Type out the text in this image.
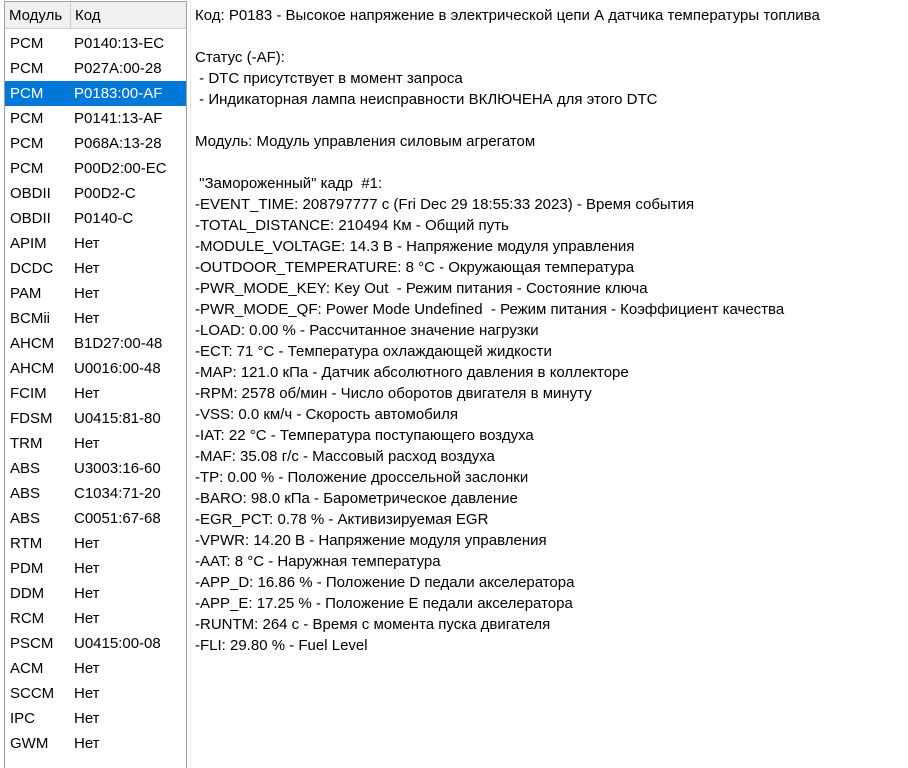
Модуль Код
PCM	P0140:13-EC
PCM	P027A:00-28
PCM	P0183:00-AF
PCM	P0141:13-AF
PCM	P068A:13-28
PCM	P00D2:00-EC
OBDII	P00D2-C
OBDII	P0140-C
APIM	Нет
DCDC	Нет
PAM	Нет
BCMii	Нет
AHCM	B1D27:00-48
AHCM	U0016:00-48
FCIM	Нет
FDSM	U0415:81-80
TRM	Нет
ABS	U3003:16-60
ABS	C1034:71-20
ABS	C0051:67-68
RTM	Нет
PDM	Нет
DDM	Нет
RCM	Нет
PSCM	U0415:00-08
ACM	Нет
SCCM	Нет
IPC	Нет
GWM	Нет
Код: P0183 - Высокое напряжение в электрической цепи А датчика температуры топлива
Статус (-AF):
- DTC присутствует в момент запроса
- Индикаторная лампа неисправности ВКЛЮЧЕНА для этого DTC
Модуль: Модуль управления силовым агрегатом
"Замороженный" кадр  #1:
-EVENT_TIME: 208797777 с (Fri Dec 29 18:55:33 2023) - Время события
-TOTAL_DISTANCE: 210494 Км - Общий путь
-MODULE_VOLTAGE: 14.3 В - Напряжение модуля управления
-OUTDOOR_TEMPERATURE: 8 °C - Окружающая температура
-PWR_MODE_KEY: Key Out  - Режим питания - Состояние ключа
-PWR_MODE_QF: Power Mode Undefined  - Режим питания - Коэффициент качества
-LOAD: 0.00 % - Рассчитанное значение нагрузки
-ECT: 71 °C - Температура охлаждающей жидкости
-MAP: 121.0 кПа - Датчик абсолютного давления в коллекторе
-RPM: 2578 об/мин - Число оборотов двигателя в минуту
-VSS: 0.0 км/ч - Скорость автомобиля
-IAT: 22 °C - Температура поступающего воздуха
-MAF: 35.08 г/с - Массовый расход воздуха
-TP: 0.00 % - Положение дроссельной заслонки
-BARO: 98.0 кПа - Барометрическое давление
-EGR_PCT: 0.78 % - Активизируемая EGR
-VPWR: 14.20 В - Напряжение модуля управления
-AAT: 8 °C - Наружная температура
-APP_D: 16.86 % - Положение D педали акселератора
-APP_E: 17.25 % - Положение E педали акселератора
-RUNTM: 264 с - Время с момента пуска двигателя
-FLI: 29.80 % - Fuel Level
